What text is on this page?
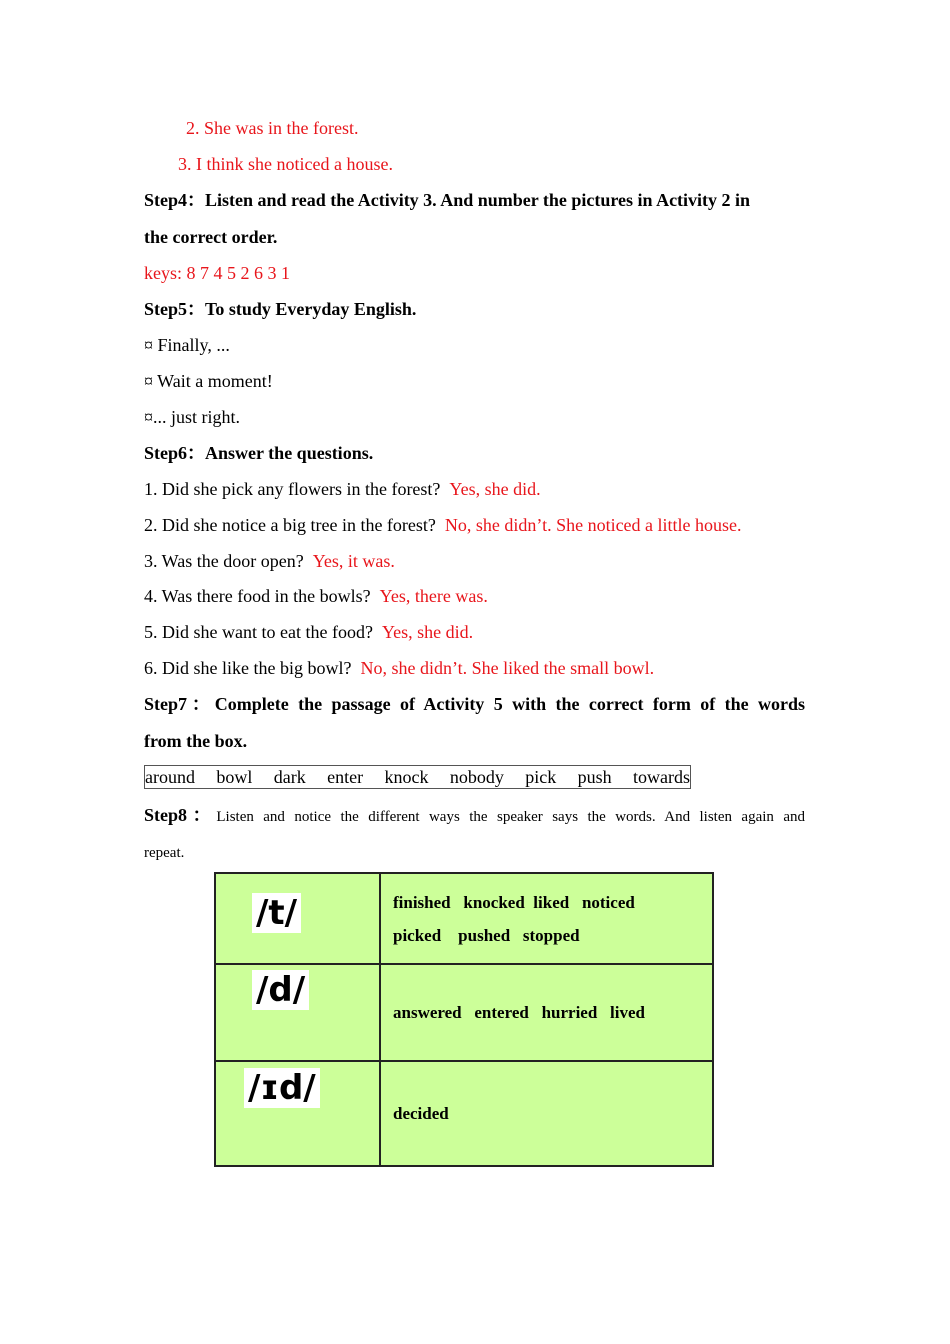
2. She was in the forest.
3. I think she noticed a house.
Step4：Listen and read the Activity 3. And number the pictures in Activity 2 in
the correct order.
keys: 8 7 4 5 2 6 3 1
Step5：To study Everyday English.
¤ Finally, ...
¤ Wait a moment!
¤... just right.
Step6：Answer the questions.
1. Did she pick any flowers in the forest? Yes, she did.
2. Did she notice a big tree in the forest? No, she didn’t. She noticed a little house.
3. Was the door open? Yes, it was.
4. Was there food in the bowls? Yes, there was.
5. Did she want to eat the food? Yes, she did.
6. Did she like the big bowl? No, she didn’t. She liked the small bowl.
Step7：Complete the passage of Activity 5 with the correct form of the words
from the box.
around bowl dark enter knock nobody pick push towards
Step8：Listen and notice the different ways the speaker says the words. And listen again and
repeat.
/t/	finished   knocked  liked   noticed
picked    pushed   stopped

/d/	answered   entered   hurried   lived

/ɪd/	decided
